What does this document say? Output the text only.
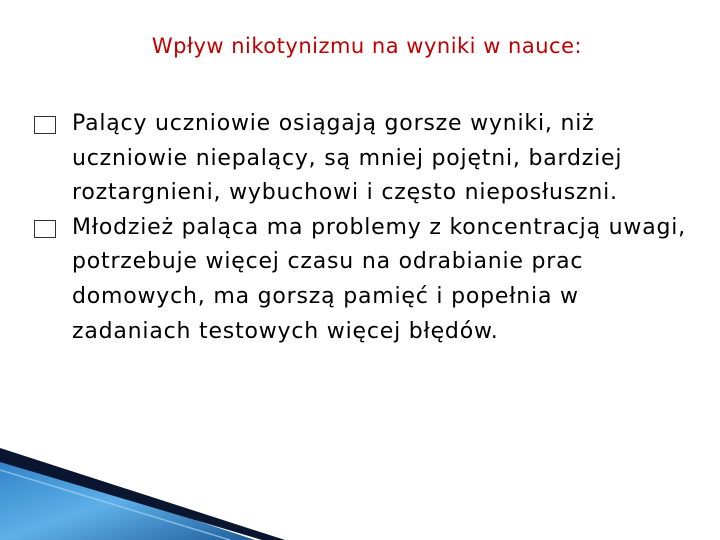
Wpływ nikotynizmu na wyniki w nauce:
Palący uczniowie osiągają gorsze wyniki, niż uczniowie niepalący, są mniej pojętni, bardziej roztargnieni, wybuchowi i często nieposłuszni.
Młodzież paląca ma problemy z koncentracją uwagi, potrzebuje więcej czasu na odrabianie prac domowych, ma gorszą pamięć i popełnia w zadaniach testowych więcej błędów.
